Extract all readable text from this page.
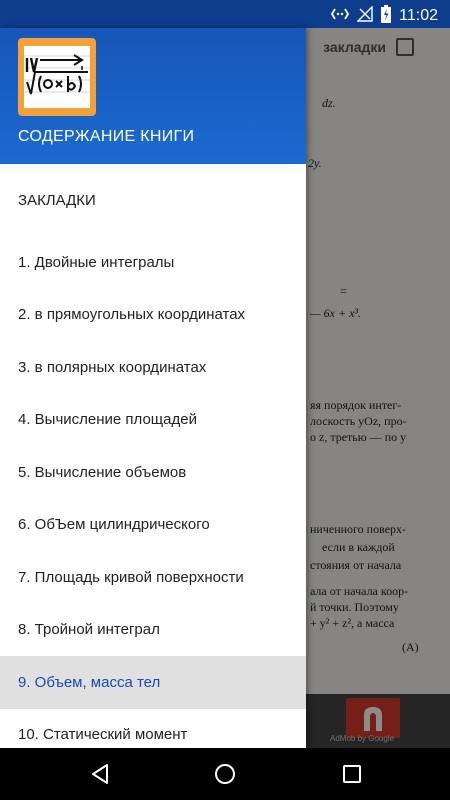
11:02
закладки
dz.
2y.
=
— 6x + x³.
яя порядок интег-
лоскость yOz, про-
о z, третью — по y
ниченного поверх-
если в каждой
стояния от начала
ала от начала коор-
й точки. Поэтому
+ y² + z², а масса
(A)
AdMob by Google
СОДЕРЖАНИЕ КНИГИ
ЗАКЛАДКИ
1. Двойные интегралы
2. в прямоугольных координатах
3. в полярных координатах
4. Вычисление площадей
5. Вычисление объемов
6. ОбЪем цилиндрического
7. Площадь кривой поверхности
8. Тройной интеграл
9. Объем, масса тел
10. Статический момент
